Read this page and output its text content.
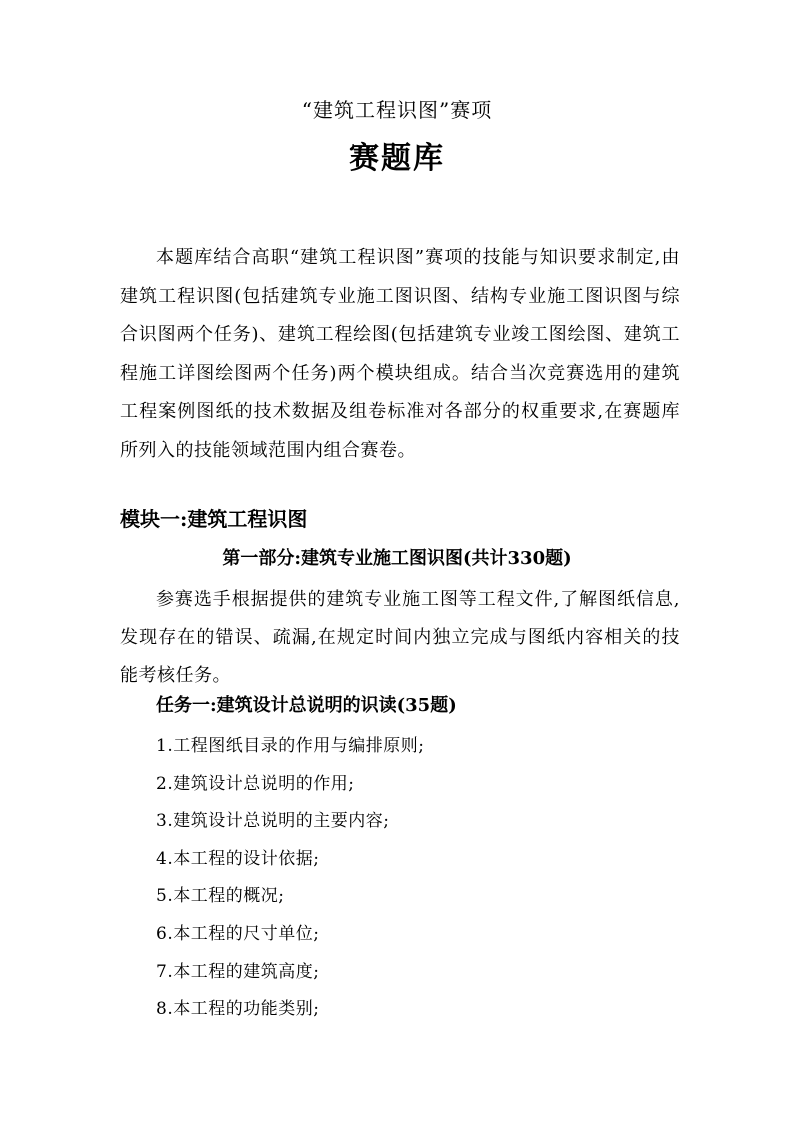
“建筑工程识图”赛项
赛题库

本题库结合高职“建筑工程识图”赛项的技能与知识要求制定,由建筑工程识图(包括建筑专业施工图识图、结构专业施工图识图与综合识图两个任务)、建筑工程绘图(包括建筑专业竣工图绘图、建筑工程施工详图绘图两个任务)两个模块组成。结合当次竞赛选用的建筑工程案例图纸的技术数据及组卷标准对各部分的权重要求,在赛题库所列入的技能领域范围内组合赛卷。

模块一:建筑工程识图
第一部分:建筑专业施工图识图(共计330题)

参赛选手根据提供的建筑专业施工图等工程文件,了解图纸信息,发现存在的错误、疏漏,在规定时间内独立完成与图纸内容相关的技能考核任务。

任务一:建筑设计总说明的识读(35题)
1.工程图纸目录的作用与编排原则;
2.建筑设计总说明的作用;
3.建筑设计总说明的主要内容;
4.本工程的设计依据;
5.本工程的概况;
6.本工程的尺寸单位;
7.本工程的建筑高度;
8.本工程的功能类别;
